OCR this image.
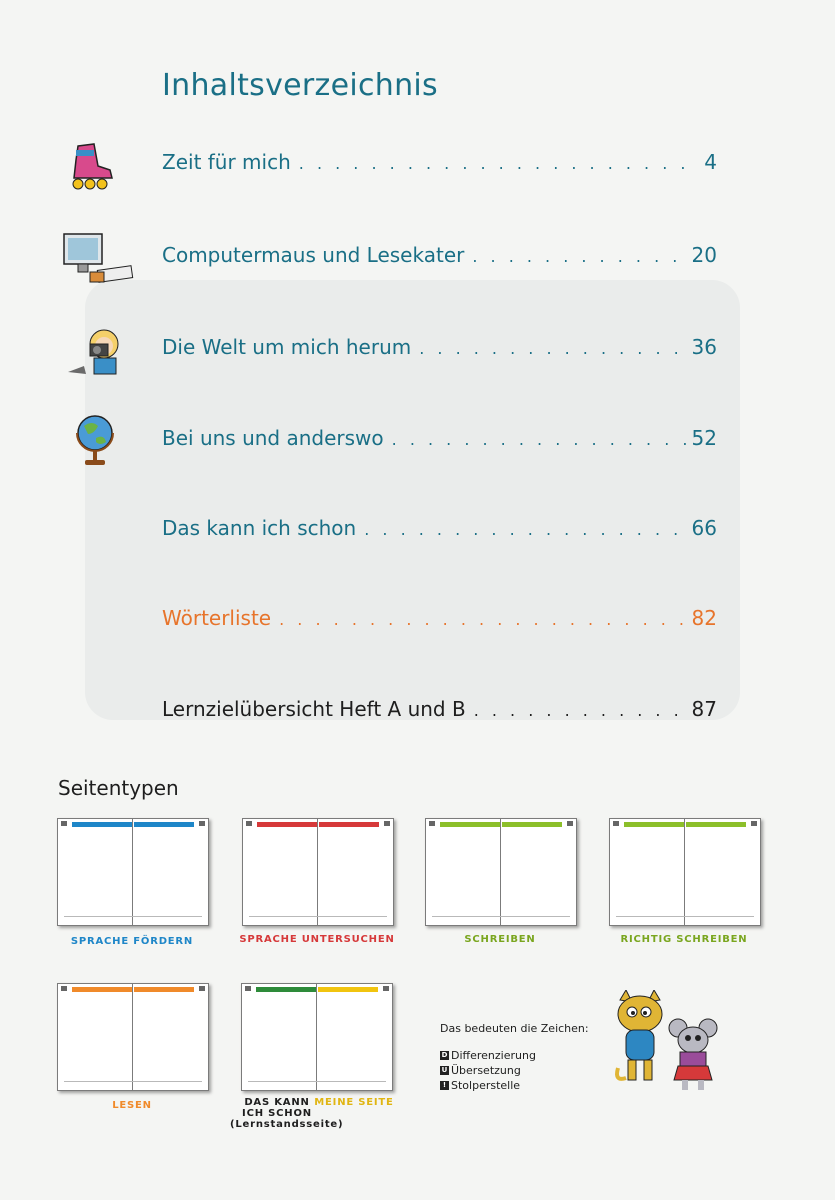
Inhaltsverzeichnis
Zeit für mich . . .	4
Computermaus und Lesekater . . .	20
Die Welt um mich herum . . .	36
Bei uns und anderswo . . .	52
Das kann ich schon . . .	66
Wörterliste . . .	82
Lernzielübersicht Heft A und B . . .	87
Seitentypen
SPRACHE FÖRDERN	SPRACHE UNTERSUCHEN	SCHREIBEN	RICHTIG SCHREIBEN
LESEN	DAS KANN ICH SCHON
(Lernstandsseite)
MEINE SEITE
Das bedeuten die Zeichen:
D Differenzierung
Ü Übersetzung
! Stolperstelle
